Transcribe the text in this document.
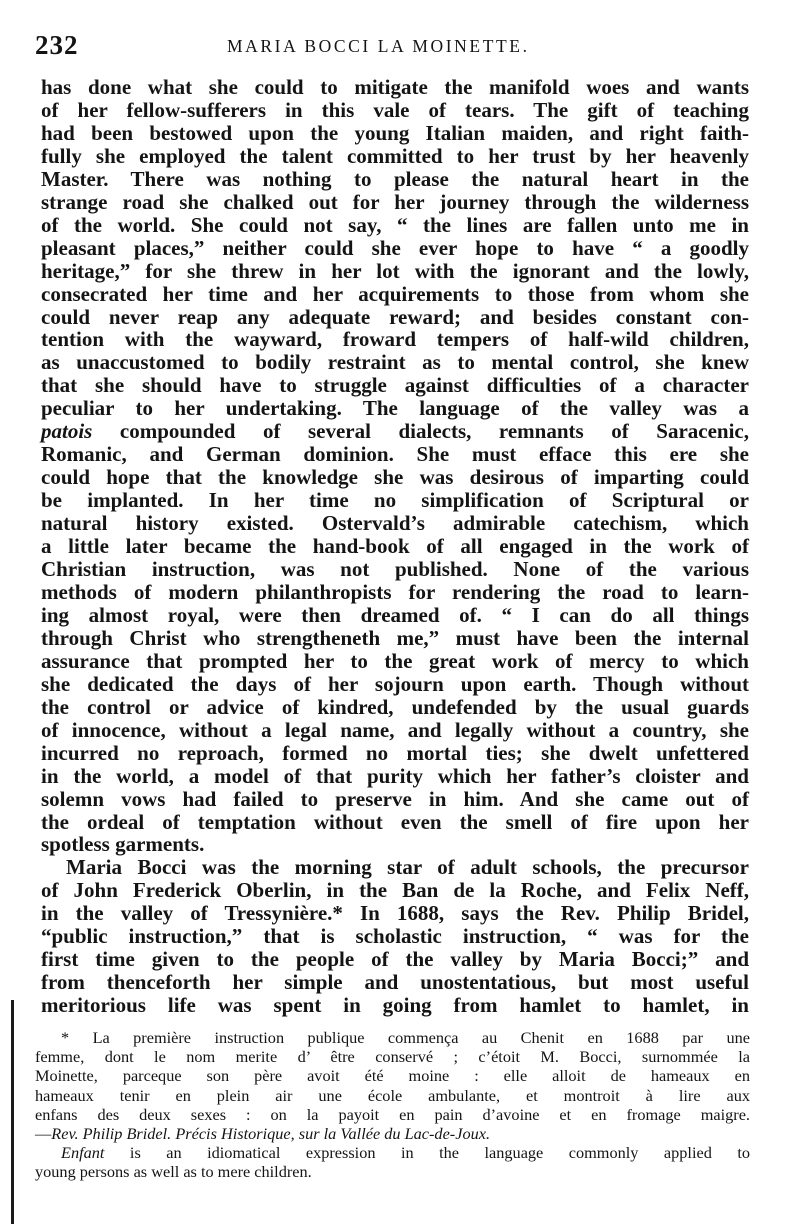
232	MARIA BOCCI LA MOINETTE.
has done what she could to mitigate the manifold woes and wants
of her fellow-sufferers in this vale of tears. The gift of teaching
had been bestowed upon the young Italian maiden, and right faith-
fully she employed the talent committed to her trust by her heavenly
Master. There was nothing to please the natural heart in the
strange road she chalked out for her journey through the wilderness
of the world. She could not say, “ the lines are fallen unto me in
pleasant places,” neither could she ever hope to have “ a goodly
heritage,” for she threw in her lot with the ignorant and the lowly,
consecrated her time and her acquirements to those from whom she
could never reap any adequate reward; and besides constant con-
tention with the wayward, froward tempers of half-wild children,
as unaccustomed to bodily restraint as to mental control, she knew
that she should have to struggle against difficulties of a character
peculiar to her undertaking. The language of the valley was a
patois compounded of several dialects, remnants of Saracenic,
Romanic, and German dominion. She must efface this ere she
could hope that the knowledge she was desirous of imparting could
be implanted. In her time no simplification of Scriptural or
natural history existed. Ostervald’s admirable catechism, which
a little later became the hand-book of all engaged in the work of
Christian instruction, was not published. None of the various
methods of modern philanthropists for rendering the road to learn-
ing almost royal, were then dreamed of. “ I can do all things
through Christ who strengtheneth me,” must have been the internal
assurance that prompted her to the great work of mercy to which
she dedicated the days of her sojourn upon earth. Though without
the control or advice of kindred, undefended by the usual guards
of innocence, without a legal name, and legally without a country, she
incurred no reproach, formed no mortal ties; she dwelt unfettered
in the world, a model of that purity which her father’s cloister and
solemn vows had failed to preserve in him. And she came out of
the ordeal of temptation without even the smell of fire upon her
spotless garments.
Maria Bocci was the morning star of adult schools, the precursor
of John Frederick Oberlin, in the Ban de la Roche, and Felix Neff,
in the valley of Tressynière.* In 1688, says the Rev. Philip Bridel,
“public instruction,” that is scholastic instruction, “ was for the
first time given to the people of the valley by Maria Bocci;” and
from thenceforth her simple and unostentatious, but most useful
meritorious life was spent in going from hamlet to hamlet, in
* La première instruction publique commença au Chenit en 1688 par une
femme, dont le nom merite d’ être conservé ; c’étoit M. Bocci, surnommée la
Moinette, parceque son père avoit été moine : elle alloit de hameaux en
hameaux tenir en plein air une école ambulante, et montroit à lire aux
enfans des deux sexes : on la payoit en pain d’avoine et en fromage maigre.
—Rev. Philip Bridel. Précis Historique, sur la Vallée du Lac-de-Joux.
Enfant is an idiomatical expression in the language commonly applied to
young persons as well as to mere children.
